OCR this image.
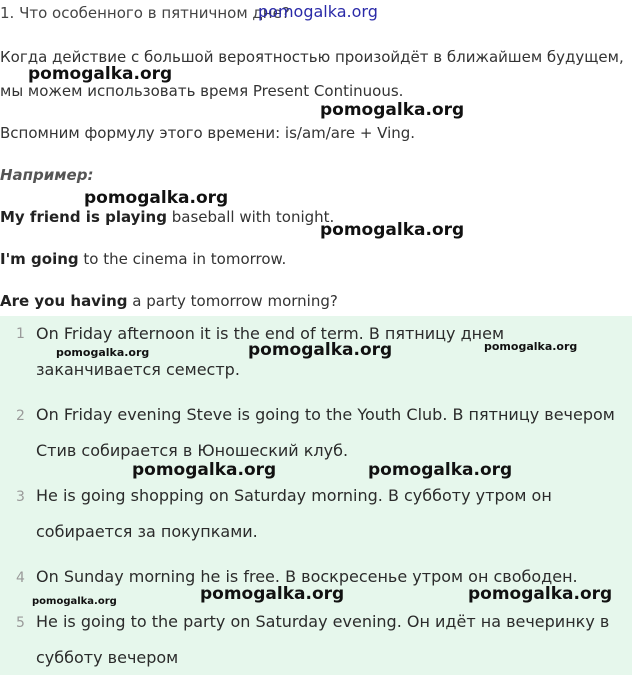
1. Что особенного в пятничном дне?
Когда действие с большой вероятностью произойдёт в ближайшем будущем,
мы можем использовать время Present Continuous.
Вспомним формулу этого времени: is/am/are + Ving.
Например:
My friend is playing baseball with tonight.
I'm going to the cinema in tomorrow.
Are you having a party tomorrow morning?
1 On Friday afternoon it is the end of term. В пятницу днем
заканчивается семестр.
2 On Friday evening Steve is going to the Youth Club. В пятницу вечером
Стив собирается в Юношеский клуб.
3 He is going shopping on Saturday morning. В субботу утром он
собирается за покупками.
4 On Sunday morning he is free. В воскресенье утром он свободен.
5 He is going to the party on Saturday evening. Он идёт на вечеринку в
субботу вечером
pomogalka.org
pomogalka.org
pomogalka.org
pomogalka.org
pomogalka.org
pomogalka.org	pomogalka.org	pomogalka.org
pomogalka.org	pomogalka.org
pomogalka.org	pomogalka.org	pomogalka.org
